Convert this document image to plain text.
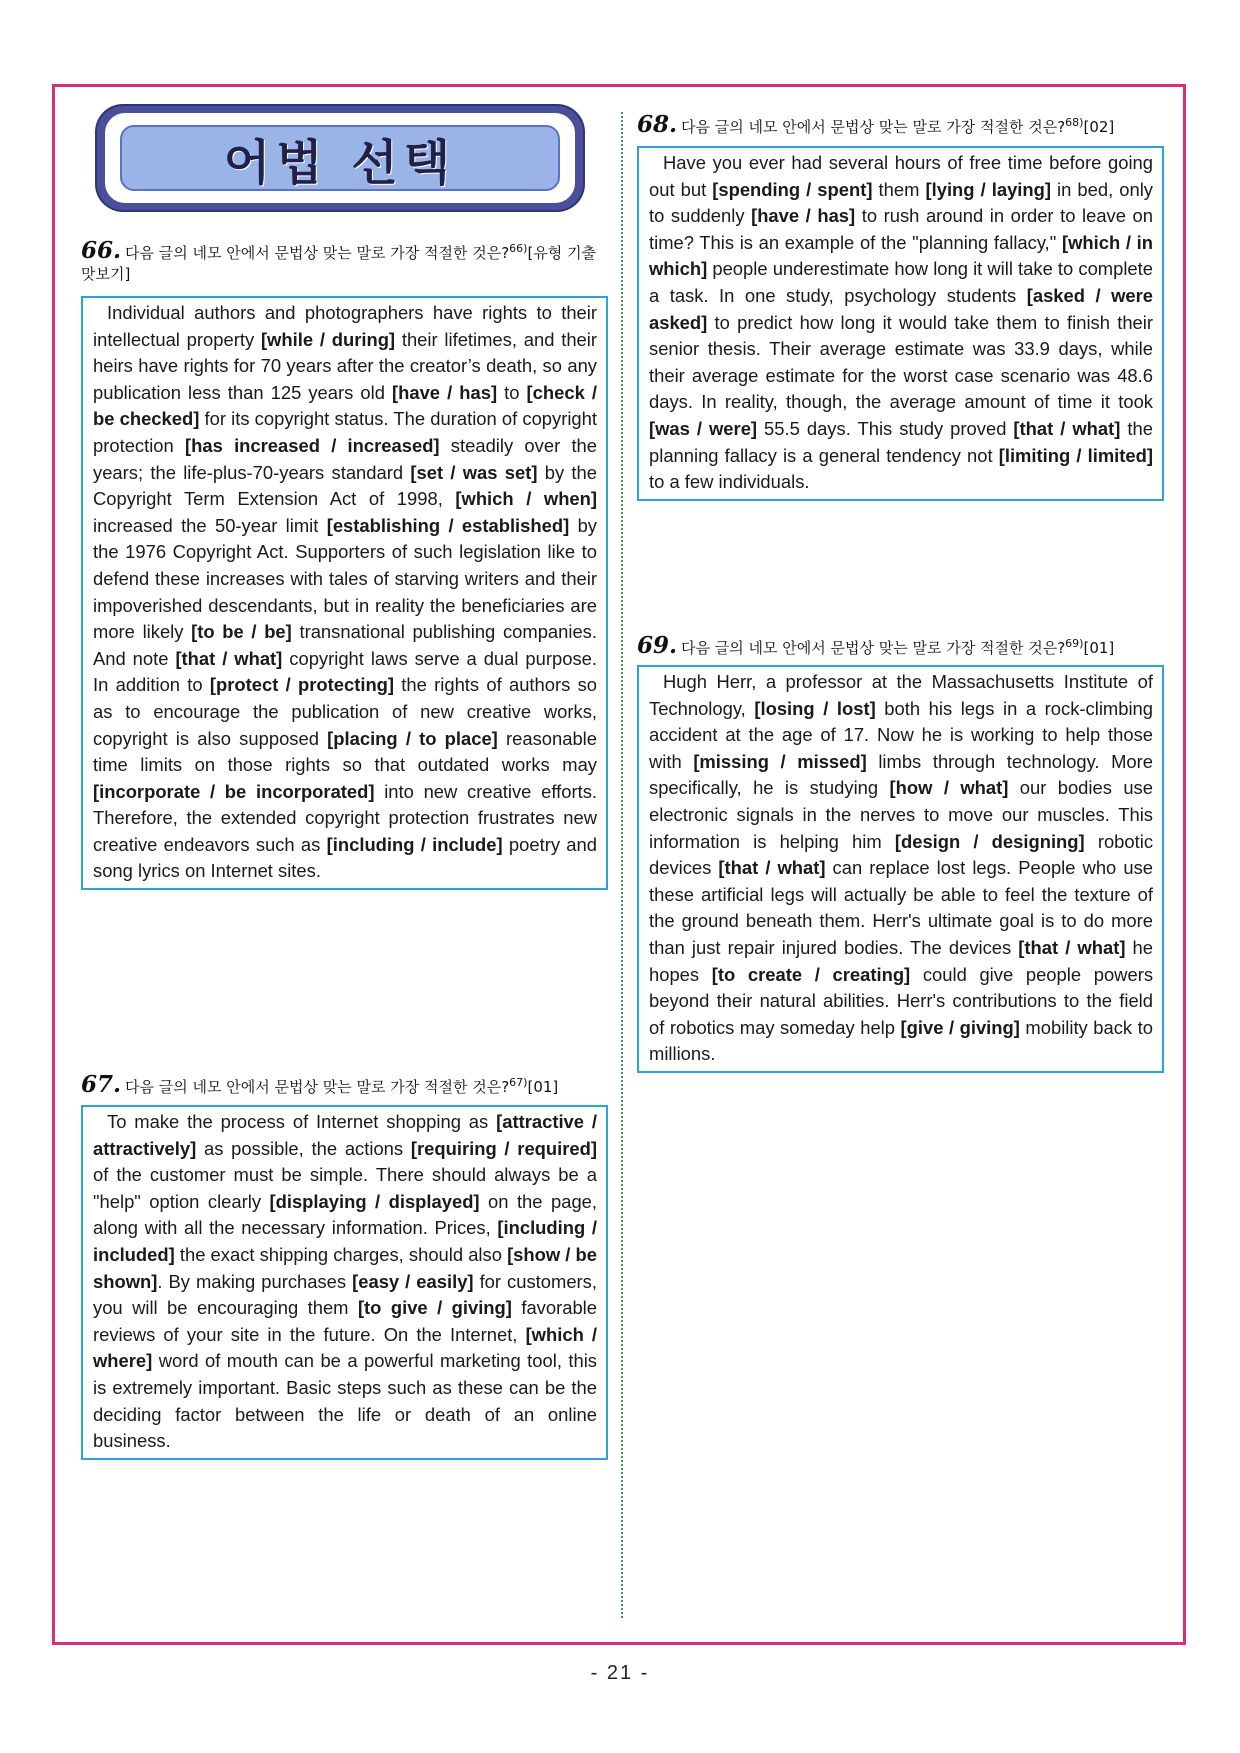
어법 선택
66. 다음 글의 네모 안에서 문법상 맞는 말로 가장 적절한 것은?$^{66)}$[유형 기출 맛보기]

Individual authors and photographers have rights to their intellectual property [while / during] their lifetimes, and their heirs have rights for 70 years after the creator’s death, so any publication less than 125 years old [have / has] to [check / be checked] for its copyright status. The duration of copyright protection [has increased / increased] steadily over the years; the life-plus-70-years standard [set / was set] by the Copyright Term Extension Act of 1998, [which / when] increased the 50-year limit [establishing / established] by the 1976 Copyright Act. Supporters of such legislation like to defend these increases with tales of starving writers and their impoverished descendants, but in reality the beneficiaries are more likely [to be / be] transnational publishing companies. And note [that / what] copyright laws serve a dual purpose. In addition to [protect / protecting] the rights of authors so as to encourage the publication of new creative works, copyright is also supposed [placing / to place] reasonable time limits on those rights so that outdated works may [incorporate / be incorporated] into new creative efforts. Therefore, the extended copyright protection frustrates new creative endeavors such as [including / include] poetry and song lyrics on Internet sites.

67. 다음 글의 네모 안에서 문법상 맞는 말로 가장 적절한 것은?$^{67)}$[01]

To make the process of Internet shopping as [attractive / attractively] as possible, the actions [requiring / required] of the customer must be simple. There should always be a "help" option clearly [displaying / displayed] on the page, along with all the necessary information. Prices, [including / included] the exact shipping charges, should also [show / be shown]. By making purchases [easy / easily] for customers, you will be encouraging them [to give / giving] favorable reviews of your site in the future. On the Internet, [which / where] word of mouth can be a powerful marketing tool, this is extremely important. Basic steps such as these can be the deciding factor between the life or death of an online business.

68. 다음 글의 네모 안에서 문법상 맞는 말로 가장 적절한 것은?$^{68)}$[02]

Have you ever had several hours of free time before going out but [spending / spent] them [lying / laying] in bed, only to suddenly [have / has] to rush around in order to leave on time? This is an example of the "planning fallacy," [which / in which] people underestimate how long it will take to complete a task. In one study, psychology students [asked / were asked] to predict how long it would take them to finish their senior thesis. Their average estimate was 33.9 days, while their average estimate for the worst case scenario was 48.6 days. In reality, though, the average amount of time it took [was / were] 55.5 days. This study proved [that / what] the planning fallacy is a general tendency not [limiting / limited] to a few individuals.

69. 다음 글의 네모 안에서 문법상 맞는 말로 가장 적절한 것은?$^{69)}$[01]

Hugh Herr, a professor at the Massachusetts Institute of Technology, [losing / lost] both his legs in a rock-climbing accident at the age of 17. Now he is working to help those with [missing / missed] limbs through technology. More specifically, he is studying [how / what] our bodies use electronic signals in the nerves to move our muscles. This information is helping him [design / designing] robotic devices [that / what] can replace lost legs. People who use these artificial legs will actually be able to feel the texture of the ground beneath them. Herr's ultimate goal is to do more than just repair injured bodies. The devices [that / what] he hopes [to create / creating] could give people powers beyond their natural abilities. Herr's contributions to the field of robotics may someday help [give / giving] mobility back to millions.

- 21 -
